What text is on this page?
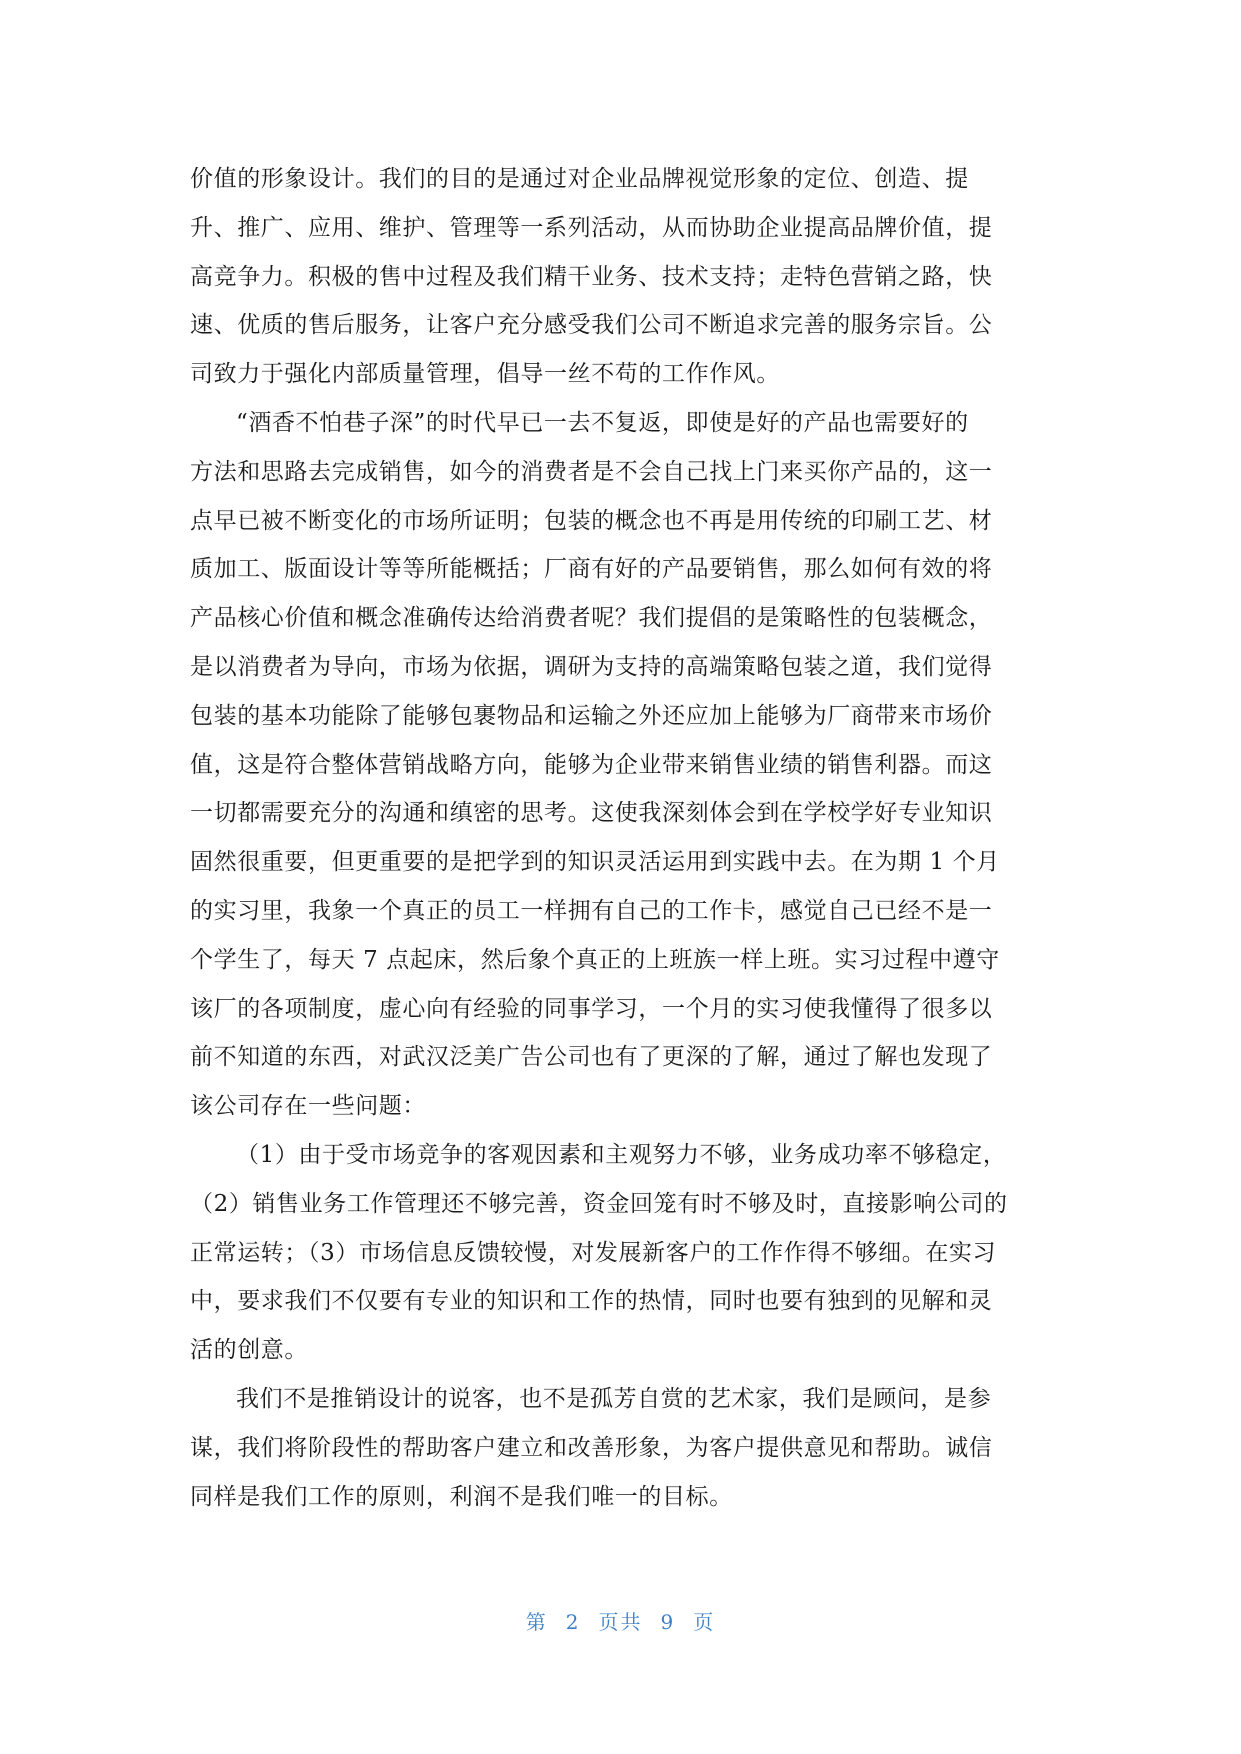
价值的形象设计。我们的目的是通过对企业品牌视觉形象的定位、创造、提
升、推广、应用、维护、管理等一系列活动，从而协助企业提高品牌价值，提
高竞争力。积极的售中过程及我们精干业务、技术支持；走特色营销之路，快
速、优质的售后服务，让客户充分感受我们公司不断追求完善的服务宗旨。公
司致力于强化内部质量管理，倡导一丝不苟的工作作风。
“酒香不怕巷子深”的时代早已一去不复返，即使是好的产品也需要好的
方法和思路去完成销售，如今的消费者是不会自己找上门来买你产品的，这一
点早已被不断变化的市场所证明；包装的概念也不再是用传统的印刷工艺、材
质加工、版面设计等等所能概括；厂商有好的产品要销售，那么如何有效的将
产品核心价值和概念准确传达给消费者呢？我们提倡的是策略性的包装概念，
是以消费者为导向，市场为依据，调研为支持的高端策略包装之道，我们觉得
包装的基本功能除了能够包裹物品和运输之外还应加上能够为厂商带来市场价
值，这是符合整体营销战略方向，能够为企业带来销售业绩的销售利器。而这
一切都需要充分的沟通和缜密的思考。这使我深刻体会到在学校学好专业知识
固然很重要，但更重要的是把学到的知识灵活运用到实践中去。在为期 1 个月
的实习里，我象一个真正的员工一样拥有自己的工作卡，感觉自己已经不是一
个学生了，每天 7 点起床，然后象个真正的上班族一样上班。实习过程中遵守
该厂的各项制度，虚心向有经验的同事学习，一个月的实习使我懂得了很多以
前不知道的东西，对武汉泛美广告公司也有了更深的了解，通过了解也发现了
该公司存在一些问题：
（1）由于受市场竞争的客观因素和主观努力不够，业务成功率不够稳定，
（2）销售业务工作管理还不够完善，资金回笼有时不够及时，直接影响公司的
正常运转；（3）市场信息反馈较慢，对发展新客户的工作作得不够细。在实习
中，要求我们不仅要有专业的知识和工作的热情，同时也要有独到的见解和灵
活的创意。
我们不是推销设计的说客，也不是孤芳自赏的艺术家，我们是顾问，是参
谋，我们将阶段性的帮助客户建立和改善形象，为客户提供意见和帮助。诚信
同样是我们工作的原则，利润不是我们唯一的目标。
第 2 页共 9 页
